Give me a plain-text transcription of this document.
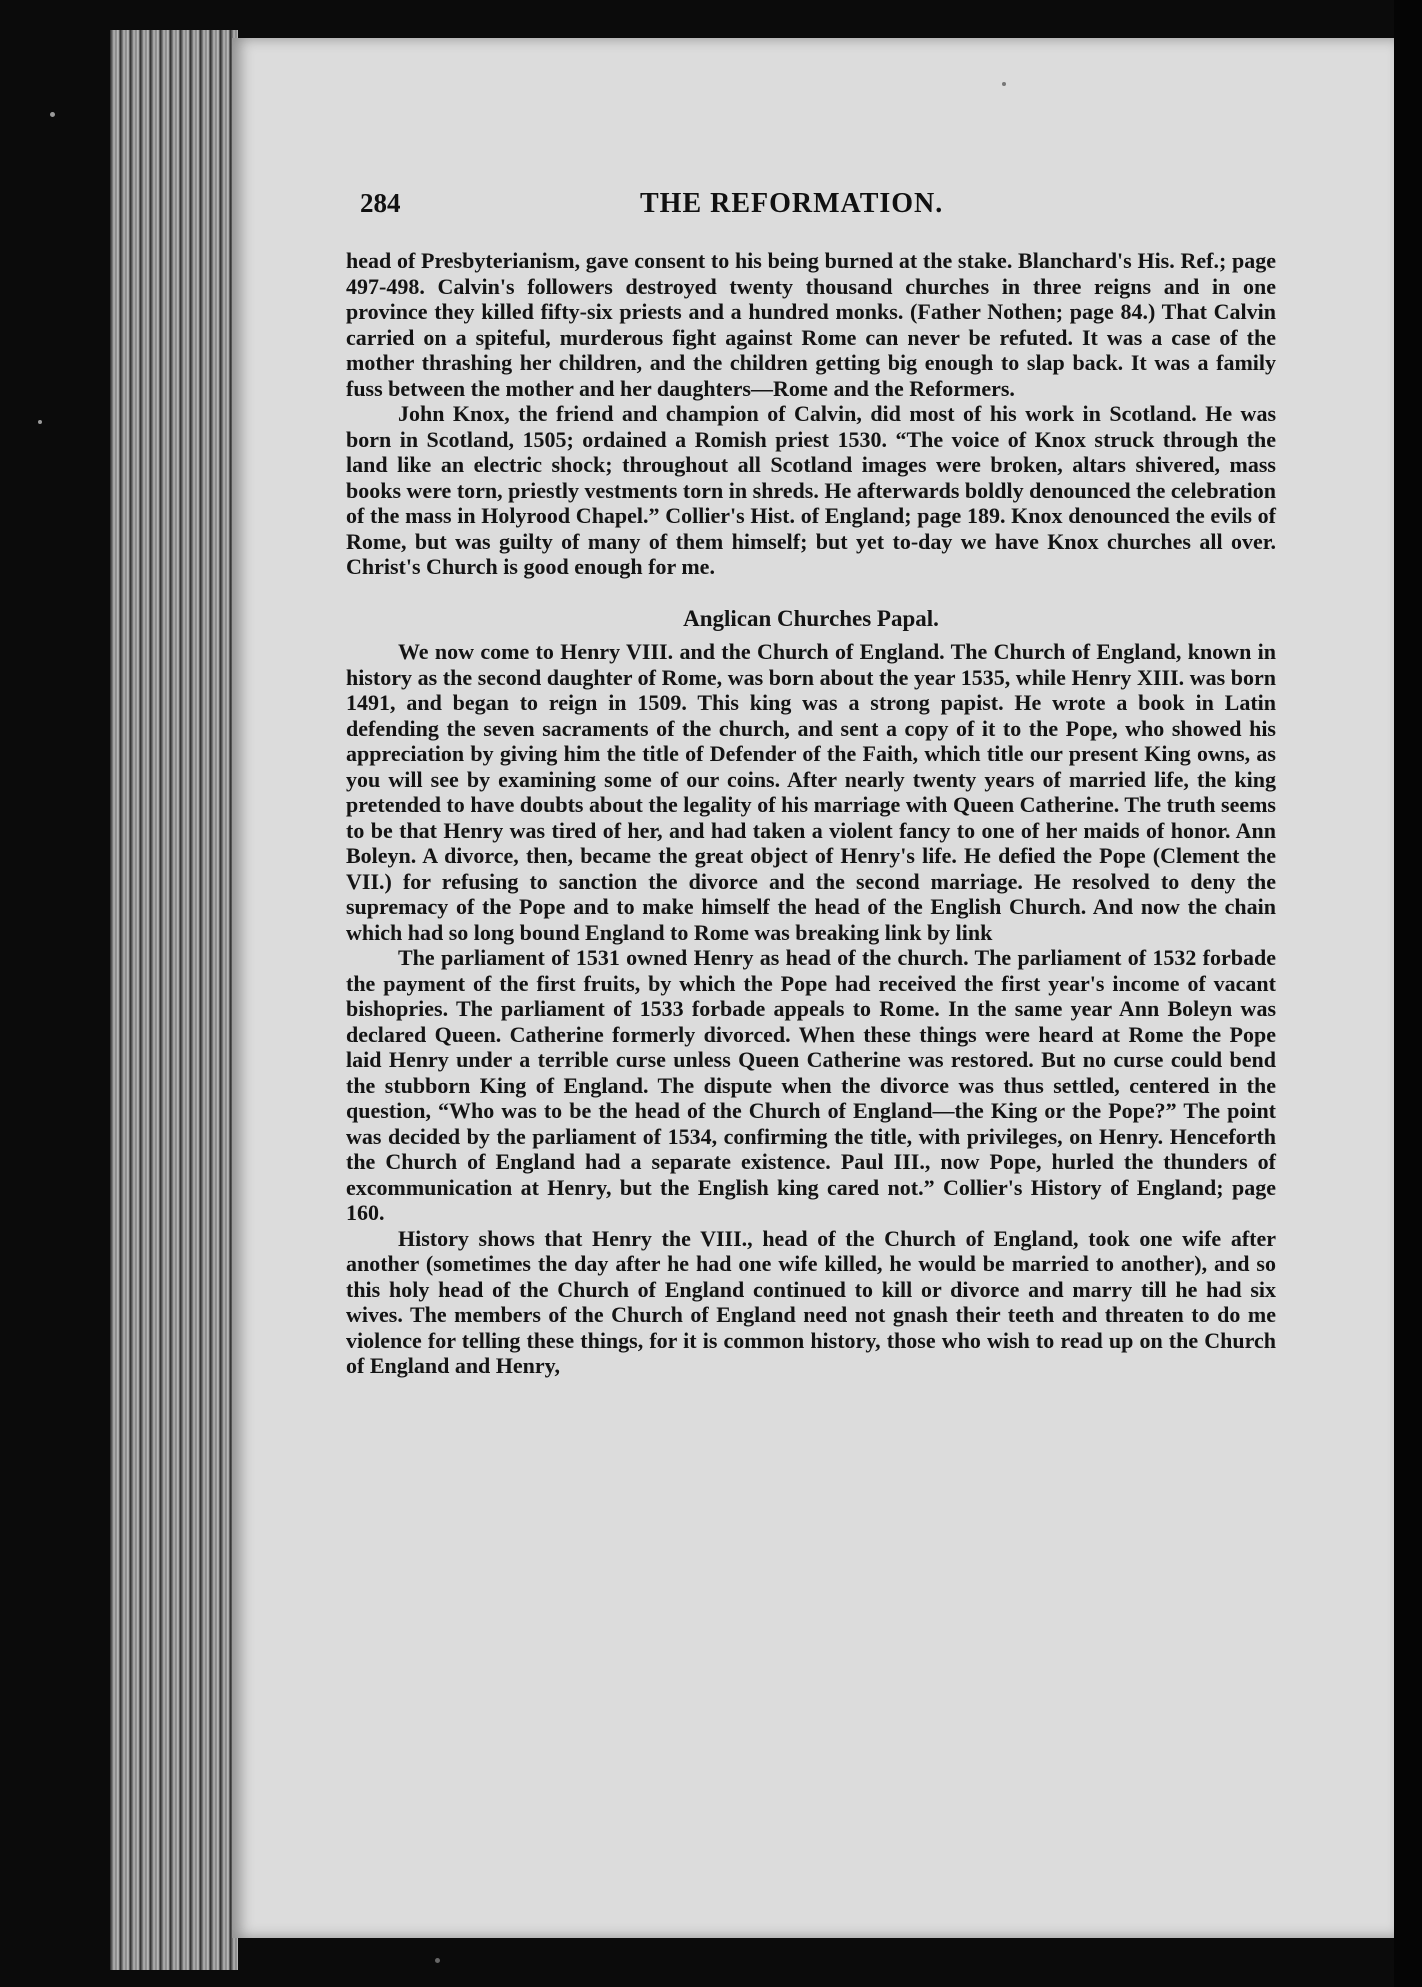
284	THE REFORMATION.

head of Presbyterianism, gave consent to his being burned at the stake. Blanchard's His. Ref.; page 497-498. Calvin's followers destroyed twenty thousand churches in three reigns and in one province they killed fifty-six priests and a hundred monks. (Father Nothen; page 84.) That Calvin carried on a spiteful, murderous fight against Rome can never be refuted. It was a case of the mother thrashing her children, and the children getting big enough to slap back. It was a family fuss between the mother and her daughters—Rome and the Reformers.

John Knox, the friend and champion of Calvin, did most of his work in Scotland. He was born in Scotland, 1505; ordained a Romish priest 1530. “The voice of Knox struck through the land like an electric shock; throughout all Scotland images were broken, altars shivered, mass books were torn, priestly vestments torn in shreds. He afterwards boldly denounced the celebration of the mass in Holyrood Chapel.” Collier's Hist. of England; page 189. Knox denounced the evils of Rome, but was guilty of many of them himself; but yet to-day we have Knox churches all over. Christ's Church is good enough for me.

Anglican Churches Papal.

We now come to Henry VIII. and the Church of England. The Church of England, known in history as the second daughter of Rome, was born about the year 1535, while Henry XIII. was born 1491, and began to reign in 1509. This king was a strong papist. He wrote a book in Latin defending the seven sacraments of the church, and sent a copy of it to the Pope, who showed his appreciation by giving him the title of Defender of the Faith, which title our present King owns, as you will see by examining some of our coins. After nearly twenty years of married life, the king pretended to have doubts about the legality of his marriage with Queen Catherine. The truth seems to be that Henry was tired of her, and had taken a violent fancy to one of her maids of honor. Ann Boleyn. A divorce, then, became the great object of Henry's life. He defied the Pope (Clement the VII.) for refusing to sanction the divorce and the second marriage. He resolved to deny the supremacy of the Pope and to make himself the head of the English Church. And now the chain which had so long bound England to Rome was breaking link by link

The parliament of 1531 owned Henry as head of the church. The parliament of 1532 forbade the payment of the first fruits, by which the Pope had received the first year's income of vacant bishopries. The parliament of 1533 forbade appeals to Rome. In the same year Ann Boleyn was declared Queen. Catherine formerly divorced. When these things were heard at Rome the Pope laid Henry under a terrible curse unless Queen Catherine was restored. But no curse could bend the stubborn King of England. The dispute when the divorce was thus settled, centered in the question, “Who was to be the head of the Church of England—the King or the Pope?” The point was decided by the parliament of 1534, confirming the title, with privileges, on Henry. Henceforth the Church of England had a separate existence. Paul III., now Pope, hurled the thunders of excommunication at Henry, but the English king cared not.” Collier's History of England; page 160.

History shows that Henry the VIII., head of the Church of England, took one wife after another (sometimes the day after he had one wife killed, he would be married to another), and so this holy head of the Church of England continued to kill or divorce and marry till he had six wives. The members of the Church of England need not gnash their teeth and threaten to do me violence for telling these things, for it is common history, those who wish to read up on the Church of England and Henry,
